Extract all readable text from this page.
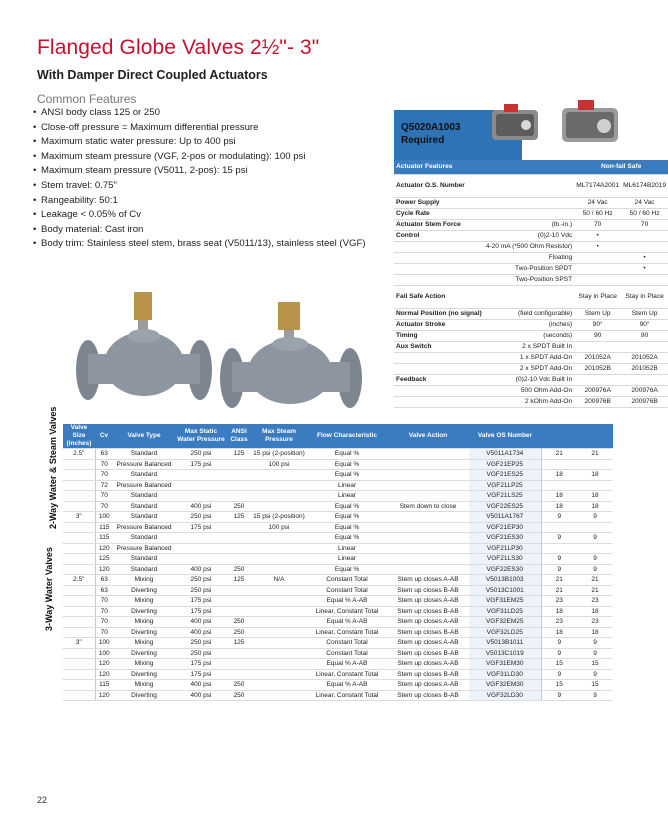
Flanged Globe Valves 2½"- 3"
With Damper Direct Coupled Actuators
Common Features
• ANSI body class 125 or 250
• Close-off pressure = Maximum differential pressure
• Maximum static water pressure: Up to 400 psi
• Maximum steam pressure (VGF, 2-pos or modulating): 100 psi
• Maximum steam pressure (V5011, 2-pos): 15 psi
• Stem travel: 0.75"
• Rangeability: 50:1
• Leakage < 0.05% of Cv
• Body material: Cast iron
• Body trim: Stainless steel stem, brass seat (V5011/13), stainless steel (VGF)
Q5020A1003
Required
Actuator Features		Non-fail Safe	
Actuator O.S. Number		ML7174A2001	ML6174B2019
Power Supply		24 Vac	24 Vac
Cycle Rate		50 / 60 Hz	50 / 60 Hz
Actuator Stem Force	(lb.-in.)	70	70
Control	(0)2-10 Vdc	•	
	4-20 mA (*500 Ohm Resistor)	•	
	Floating		•
	Two-Position SPDT		•
	Two-Position SPST		
Fail Safe Action		Stay in Place	Stay in Place
Normal Position (no signal)	(field configurable)	Stem Up	Stem Up
Actuator Stroke	(inches)	90°	90°
Timing	(seconds)	90	90
Aux Switch	2 x SPDT Built In		
	1 x SPDT Add-On	201052A	201052A
	2 x SPDT Add-On	201052B	201052B
Feedback	(0)2-10 Vdc Built In		
	500 Ohm Add-On	200976A	200976A
	2 kOhm Add-On	200976B	200976B
Valve Size (inches)	Cv	Valve Type	Max Static Water Pressure	ANSI Class	Max Steam Pressure	Flow Characteristic	Valve Action	Valve OS Number		
2.5"	63	Standard	250 psi	125	15 psi (2-position)	Equal %		V5011A1734	21	21
	70	Pressure Balanced	175 psi		100 psi	Equal %		VGF21EP25		
	70	Standard				Equal %		VGF21ES25	18	18
	72	Pressure Balanced				Linear		VGF21LP25		
	70	Standard				Linear		VGF21LS25	18	18
	70	Standard	400 psi	250		Equal %	Stem down to close	VGF22ES25	18	18
3"	100	Standard	250 psi	125	15 psi (2-position)	Equal %		V5011A1767	9	9
	115	Pressure Balanced	175 psi		100 psi	Equal %		VGF21EP30		
	115	Standard				Equal %		VGF21ES30	9	9
	120	Pressure Balanced				Linear		VGF21LP30		
	125	Standard				Linear		VGF21LS30	9	9
	120	Standard	400 psi	250		Equal %		VGF22ES30	9	9
2.5"	63	Mixing	250 psi	125	N/A	Constant Total	Stem up closes A-AB	V5013B1003	21	21
	63	Diverting	250 psi			Constant Total	Stem up closes B-AB	V5013C1001	21	21
	70	Mixing	175 psi			Equal % A-AB	Stem up closes A-AB	VGF31EM25	23	23
	70	Diverting	175 psi			Linear, Constant Total	Stem up closes B-AB	VGF31LD25	18	18
	70	Mixing	400 psi	250		Equal % A-AB	Stem up closes A-AB	VGF32EM25	23	23
	70	Diverting	400 psi	250		Linear, Constant Total	Stem up closes B-AB	VGF32LD25	18	18
3"	100	Mixing	250 psi	125		Constant Total	Stem up closes A-AB	V5013B1011	9	9
	100	Diverting	250 psi			Constant Total	Stem up closes B-AB	V5013C1019	9	9
	120	Mixing	175 psi			Equal % A-AB	Stem up closes A-AB	VGF31EM30	15	15
	120	Diverting	175 psi			Linear, Constant Total	Stem up closes B-AB	VGF31LD30	9	9
	115	Mixing	400 psi	250		Equal % A-AB	Stem up closes A-AB	VGF32EM30	15	15
	120	Diverting	400 psi	250		Linear, Constant Total	Stem up closes B-AB	VGF32LD30	9	9
2-Way Water & Steam Valves
3-Way Water Valves
22
